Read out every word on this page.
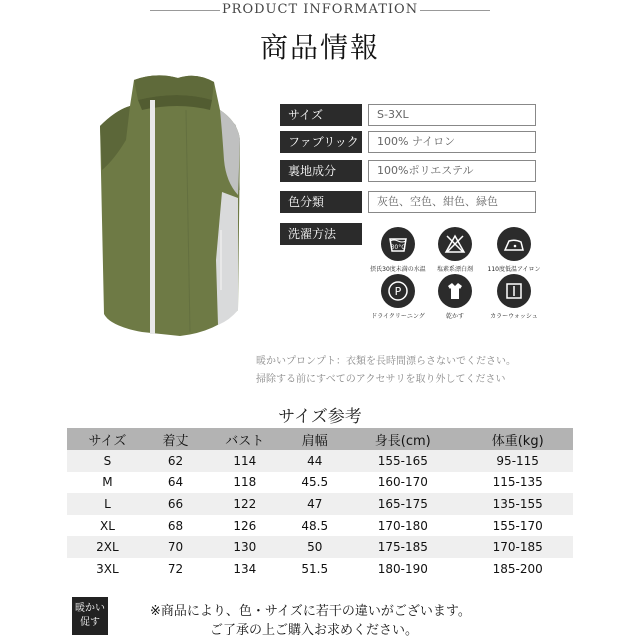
PRODUCT INFORMATION
商品情報
サイズ	S-3XL
ファブリック	100% ナイロン
裏地成分	100%ポリエステル
色分類	灰色、空色、紺色、緑色
洗濯方法
30°C
摂氏30度未満の水温	塩素系漂白剤	110度低温アイロン
P
ドライクリーニング	乾かす	カラーウォッシュ
暖かいプロンプト：衣類を長時間漂らさないでください。
掃除する前にすべてのアクセサリを取り外してください
サイズ参考
サイズ	着丈	バスト	肩幅	身長(cm)	体重(kg)
S	62	114	44	155-165	95-115
M	64	118	45.5	160-170	115-135
L	66	122	47	165-175	135-155
XL	68	126	48.5	170-180	155-170
2XL	70	130	50	175-185	170-185
3XL	72	134	51.5	180-190	185-200
暖かい
促す
※商品により、色・サイズに若干の違いがございます。
ご了承の上ご購入お求めください。
